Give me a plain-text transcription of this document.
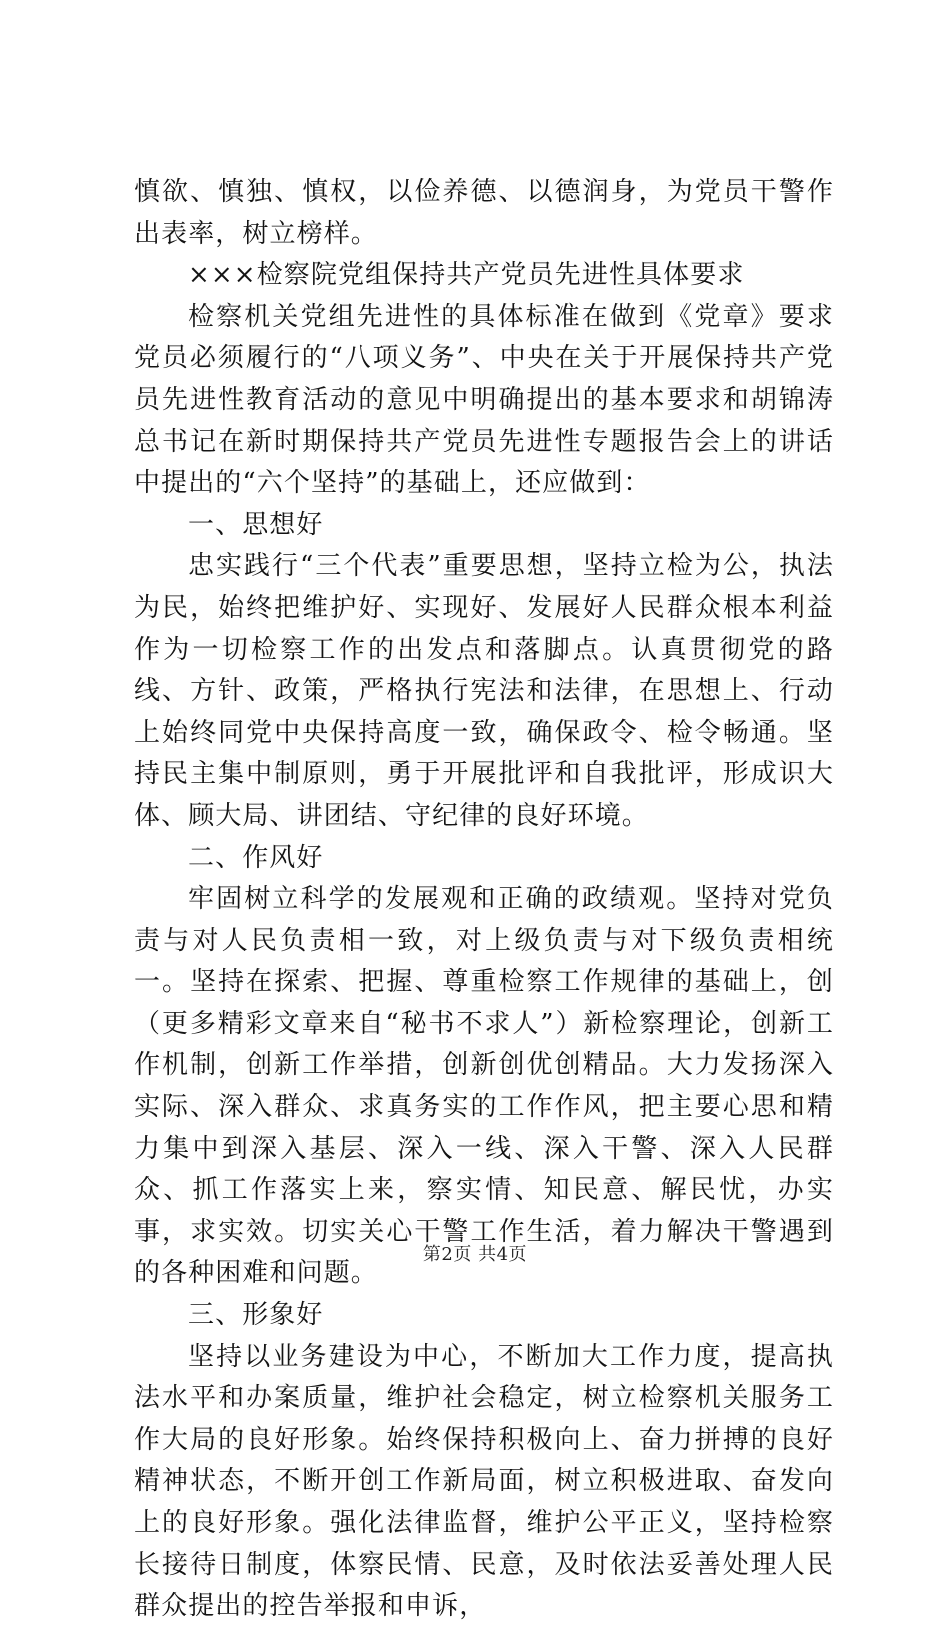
慎欲、慎独、慎权，以俭养德、以德润身，为党员干警作出表率，树立榜样。

×××检察院党组保持共产党员先进性具体要求

检察机关党组先进性的具体标准在做到《党章》要求党员必须履行的“八项义务”、中央在关于开展保持共产党员先进性教育活动的意见中明确提出的基本要求和胡锦涛总书记在新时期保持共产党员先进性专题报告会上的讲话中提出的“六个坚持”的基础上，还应做到：

一、思想好

忠实践行“三个代表”重要思想，坚持立检为公，执法为民，始终把维护好、实现好、发展好人民群众根本利益作为一切检察工作的出发点和落脚点。认真贯彻党的路线、方针、政策，严格执行宪法和法律，在思想上、行动上始终同党中央保持高度一致，确保政令、检令畅通。坚持民主集中制原则，勇于开展批评和自我批评，形成识大体、顾大局、讲团结、守纪律的良好环境。

二、作风好

牢固树立科学的发展观和正确的政绩观。坚持对党负责与对人民负责相一致，对上级负责与对下级负责相统一。坚持在探索、把握、尊重检察工作规律的基础上，创（更多精彩文章来自“秘书不求人”）新检察理论，创新工作机制，创新工作举措，创新创优创精品。大力发扬深入实际、深入群众、求真务实的工作作风，把主要心思和精力集中到深入基层、深入一线、深入干警、深入人民群众、抓工作落实上来，察实情、知民意、解民忧，办实事，求实效。切实关心干警工作生活，着力解决干警遇到的各种困难和问题。

三、形象好

坚持以业务建设为中心，不断加大工作力度，提高执法水平和办案质量，维护社会稳定，树立检察机关服务工作大局的良好形象。始终保持积极向上、奋力拼搏的良好精神状态，不断开创工作新局面，树立积极进取、奋发向上的良好形象。强化法律监督，维护公平正义，坚持检察长接待日制度，体察民情、民意，及时依法妥善处理人民群众提出的控告举报和申诉，

第2页 共4页
